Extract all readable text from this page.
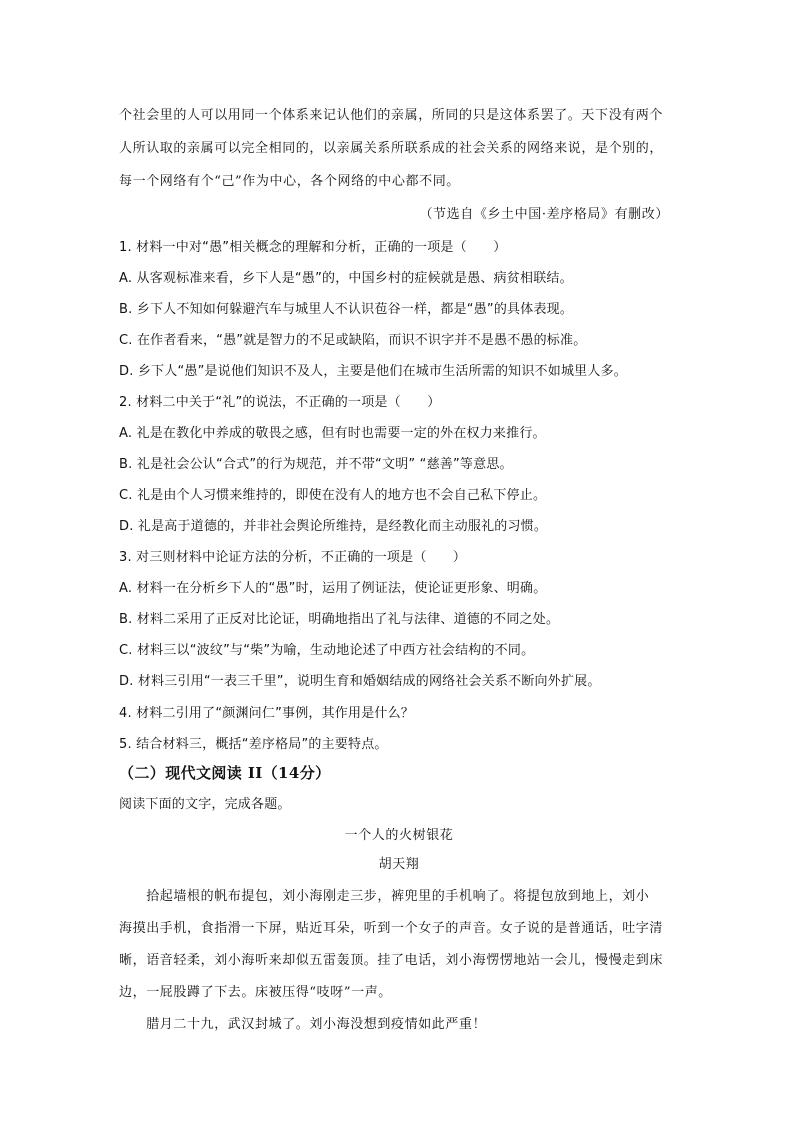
个社会里的人可以用同一个体系来记认他们的亲属，所同的只是这体系罢了。天下没有两个
人所认取的亲属可以完全相同的，以亲属关系所联系成的社会关系的网络来说，是个别的，
每一个网络有个“己”作为中心，各个网络的中心都不同。
（节选自《乡土中国·差序格局》有删改）
1. 材料一中对“愚”相关概念的理解和分析，正确的一项是（　　）
A. 从客观标准来看，乡下人是“愚”的，中国乡村的症候就是愚、病贫相联结。
B. 乡下人不知如何躲避汽车与城里人不认识苞谷一样，都是“愚”的具体表现。
C. 在作者看来，“愚”就是智力的不足或缺陷，而识不识字并不是愚不愚的标准。
D. 乡下人“愚”是说他们知识不及人，主要是他们在城市生活所需的知识不如城里人多。
2. 材料二中关于“礼”的说法，不正确的一项是（　　）
A. 礼是在教化中养成的敬畏之感，但有时也需要一定的外在权力来推行。
B. 礼是社会公认“合式”的行为规范，并不带“文明” “慈善”等意思。
C. 礼是由个人习惯来维持的，即使在没有人的地方也不会自己私下停止。
D. 礼是高于道德的，并非社会舆论所维持，是经教化而主动服礼的习惯。
3. 对三则材料中论证方法的分析，不正确的一项是（　　）
A. 材料一在分析乡下人的“愚”时，运用了例证法，使论证更形象、明确。
B. 材料二采用了正反对比论证，明确地指出了礼与法律、道德的不同之处。
C. 材料三以“波纹”与“柴”为喻，生动地论述了中西方社会结构的不同。
D. 材料三引用“一表三千里”，说明生育和婚姻结成的网络社会关系不断向外扩展。
4. 材料二引用了“颜渊问仁”事例，其作用是什么？
5. 结合材料三，概括“差序格局”的主要特点。
（二）现代文阅读 II（14分）
阅读下面的文字，完成各题。
一个人的火树银花
胡天翔
　　拾起墙根的帆布提包，刘小海刚走三步，裤兜里的手机响了。将提包放到地上，刘小
海摸出手机，食指滑一下屏，贴近耳朵，听到一个女子的声音。女子说的是普通话，吐字清
晰，语音轻柔，刘小海听来却似五雷轰顶。挂了电话，刘小海愣愣地站一会儿，慢慢走到床
边，一屁股蹲了下去。床被压得“吱呀”一声。
　　腊月二十九，武汉封城了。刘小海没想到疫情如此严重！
